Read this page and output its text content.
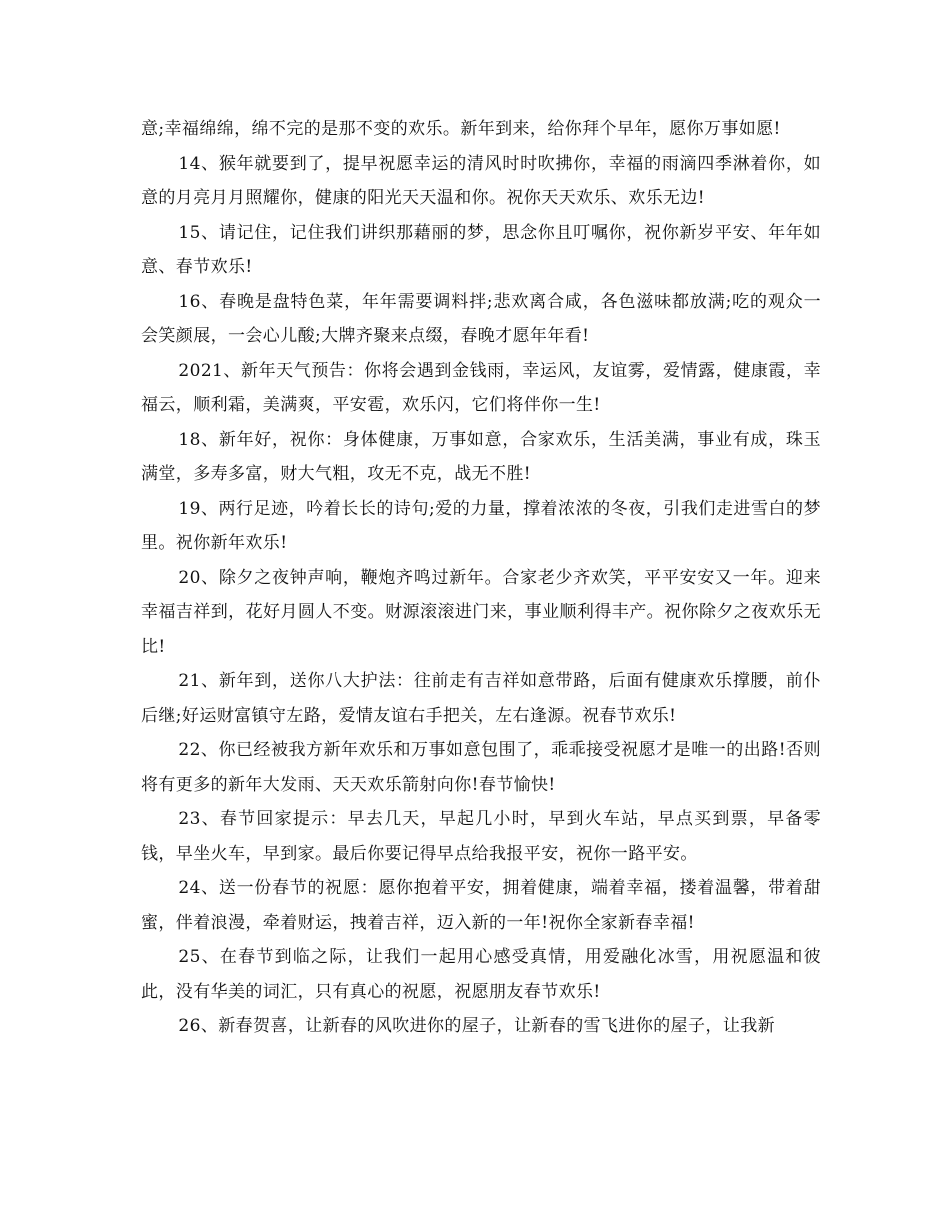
意;幸福绵绵，绵不完的是那不变的欢乐。新年到来，给你拜个早年，愿你万事如愿!

14、猴年就要到了，提早祝愿幸运的清风时时吹拂你，幸福的雨滴四季淋着你，如意的月亮月月照耀你，健康的阳光天天温和你。祝你天天欢乐、欢乐无边!

15、请记住，记住我们讲织那藉丽的梦，思念你且叮嘱你，祝你新岁平安、年年如意、春节欢乐!

16、春晚是盘特色菜，年年需要调料拌;悲欢离合咸，各色滋味都放满;吃的观众一会笑颜展，一会心儿酸;大牌齐聚来点缀，春晚才愿年年看!

2021、新年天气预告：你将会遇到金钱雨，幸运风，友谊雾，爱情露，健康霞，幸福云，顺利霜，美满爽，平安雹，欢乐闪，它们将伴你一生!

18、新年好，祝你：身体健康，万事如意，合家欢乐，生活美满，事业有成，珠玉满堂，多寿多富，财大气粗，攻无不克，战无不胜!

19、两行足迹，吟着长长的诗句;爱的力量，撑着浓浓的冬夜，引我们走进雪白的梦里。祝你新年欢乐!

20、除夕之夜钟声响，鞭炮齐鸣过新年。合家老少齐欢笑，平平安安又一年。迎来幸福吉祥到，花好月圆人不变。财源滚滚进门来，事业顺利得丰产。祝你除夕之夜欢乐无比!

21、新年到，送你八大护法：往前走有吉祥如意带路，后面有健康欢乐撑腰，前仆后继;好运财富镇守左路，爱情友谊右手把关，左右逢源。祝春节欢乐!

22、你已经被我方新年欢乐和万事如意包围了，乖乖接受祝愿才是唯一的出路!否则将有更多的新年大发雨、天天欢乐箭射向你!春节愉快!

23、春节回家提示：早去几天，早起几小时，早到火车站，早点买到票，早备零钱，早坐火车，早到家。最后你要记得早点给我报平安，祝你一路平安。

24、送一份春节的祝愿：愿你抱着平安，拥着健康，端着幸福，搂着温馨，带着甜蜜，伴着浪漫，牵着财运，拽着吉祥，迈入新的一年!祝你全家新春幸福!

25、在春节到临之际，让我们一起用心感受真情，用爱融化冰雪，用祝愿温和彼此，没有华美的词汇，只有真心的祝愿，祝愿朋友春节欢乐!

26、新春贺喜，让新春的风吹进你的屋子，让新春的雪飞进你的屋子，让我新
